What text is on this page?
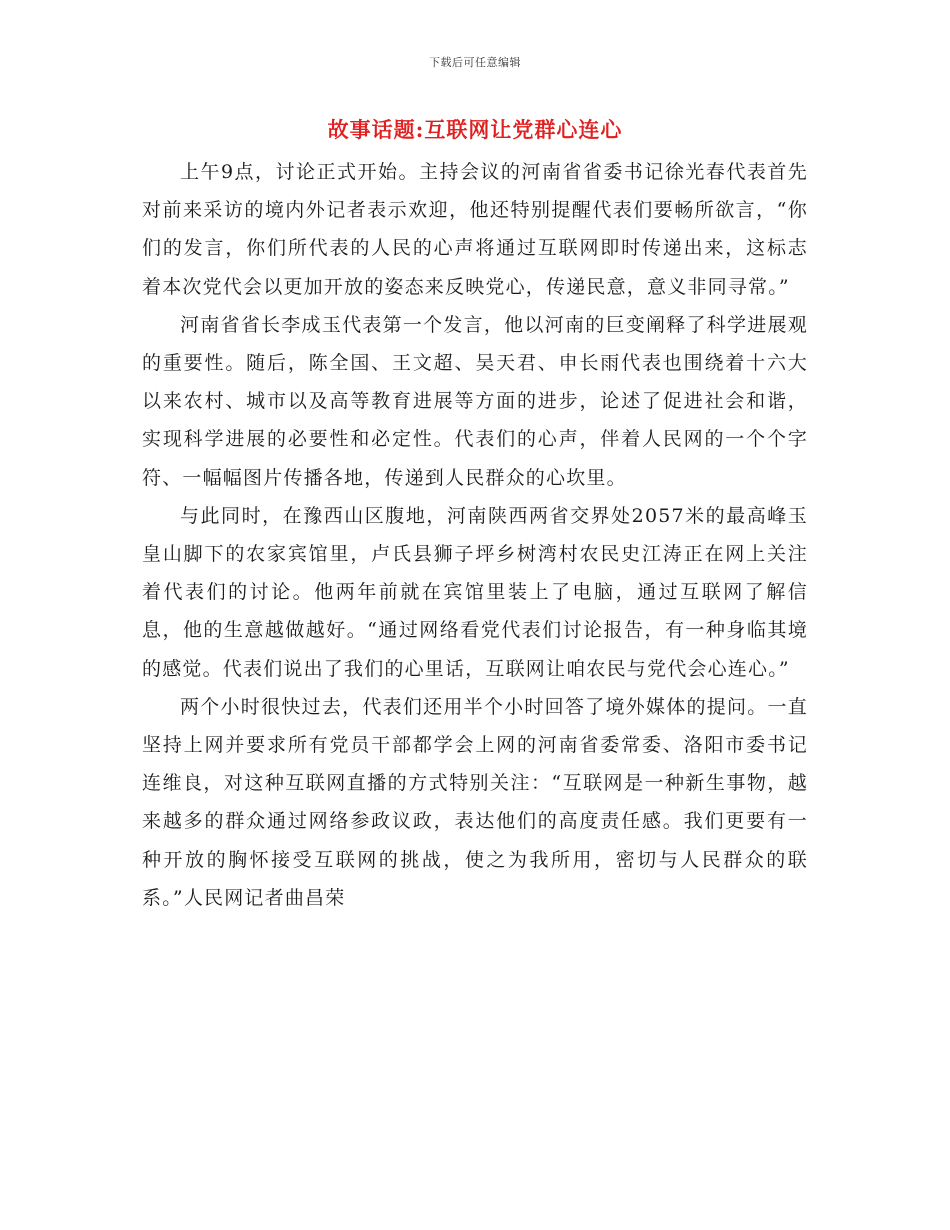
下载后可任意编辑
故事话题:互联网让党群心连心

上午9点，讨论正式开始。主持会议的河南省省委书记徐光春代表首先对前来采访的境内外记者表示欢迎，他还特别提醒代表们要畅所欲言，“你们的发言，你们所代表的人民的心声将通过互联网即时传递出来，这标志着本次党代会以更加开放的姿态来反映党心，传递民意，意义非同寻常。”

河南省省长李成玉代表第一个发言，他以河南的巨变阐释了科学进展观的重要性。随后，陈全国、王文超、吴天君、申长雨代表也围绕着十六大以来农村、城市以及高等教育进展等方面的进步，论述了促进社会和谐，实现科学进展的必要性和必定性。代表们的心声，伴着人民网的一个个字符、一幅幅图片传播各地，传递到人民群众的心坎里。

与此同时，在豫西山区腹地，河南陕西两省交界处2057米的最高峰玉皇山脚下的农家宾馆里，卢氏县狮子坪乡树湾村农民史江涛正在网上关注着代表们的讨论。他两年前就在宾馆里装上了电脑，通过互联网了解信息，他的生意越做越好。“通过网络看党代表们讨论报告，有一种身临其境的感觉。代表们说出了我们的心里话，互联网让咱农民与党代会心连心。”

两个小时很快过去，代表们还用半个小时回答了境外媒体的提问。一直坚持上网并要求所有党员干部都学会上网的河南省委常委、洛阳市委书记连维良，对这种互联网直播的方式特别关注：“互联网是一种新生事物，越来越多的群众通过网络参政议政，表达他们的高度责任感。我们更要有一种开放的胸怀接受互联网的挑战，使之为我所用，密切与人民群众的联系。”人民网记者曲昌荣
